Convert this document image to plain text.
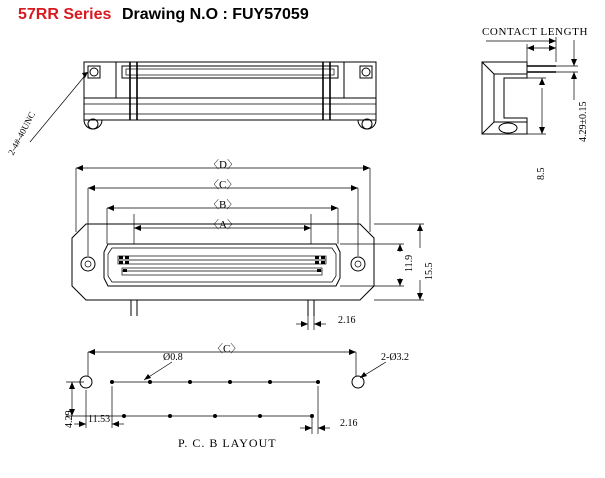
57RR Series Drawing N.O : FUY57059
2-4#-40UNC
CONTACT LENGTH
4.29±0.15
8.5
〈D〉
〈C〉
〈B〉
〈A〉
11.9 15.5
2.16
〈C〉
Ø0.8	2-Ø3.2
4.29 11.53	2.16
P. C. B LAYOUT
